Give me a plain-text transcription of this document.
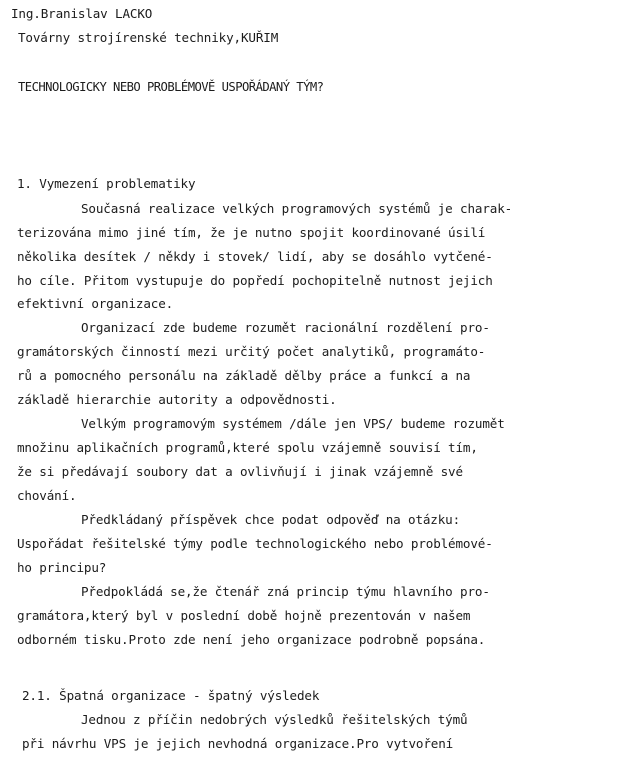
Ing.Branislav LACKO

Továrny strojírenské techniky,KUŘIM

TECHNOLOGICKY NEBO PROBLÉMOVĚ USPOŘÁDANÝ TÝM?

1. Vymezení problematiky

Současná realizace velkých programových systémů je charak-

terizována mimo jiné tím, že je nutno spojit koordinované úsilí

několika desítek / někdy i stovek/ lidí, aby se dosáhlo vytčené-

ho cíle. Přitom vystupuje do popředí pochopitelně nutnost jejich

efektivní organizace.

Organizací zde budeme rozumět racionální rozdělení pro-

gramátorských činností mezi určitý počet analytiků, programáto-

rů a pomocného personálu na základě dělby práce a funkcí a na

základě hierarchie autority a odpovědnosti.

Velkým programovým systémem /dále jen VPS/ budeme rozumět

množinu aplikačních programů,které spolu vzájemně souvisí tím,

že si předávají soubory dat a ovlivňují i jinak vzájemně své

chování.

Předkládaný příspěvek chce podat odpověď na otázku:

Uspořádat řešitelské týmy podle technologického nebo problémové-

ho principu?

Předpokládá se,že čtenář zná princip týmu hlavního pro-

gramátora,který byl v poslední době hojně prezentován v našem

odborném tisku.Proto zde není jeho organizace podrobně popsána.

2.1. Špatná organizace - špatný výsledek

Jednou z příčin nedobrých výsledků řešitelských týmů

při návrhu VPS je jejich nevhodná organizace.Pro vytvoření
